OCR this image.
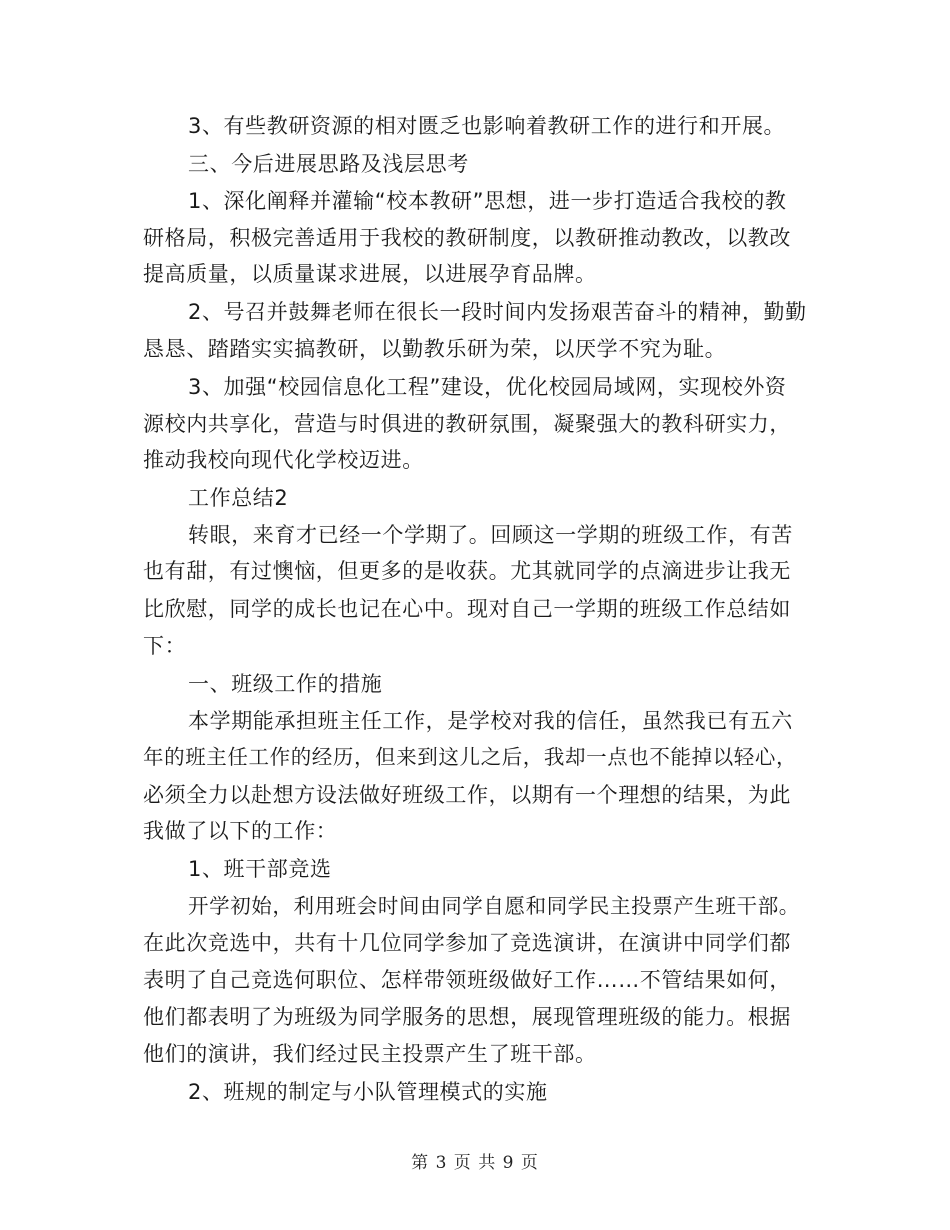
3、有些教研资源的相对匮乏也影响着教研工作的进行和开展。
三、今后进展思路及浅层思考
1、深化阐释并灌输“校本教研”思想，进一步打造适合我校的教
研格局，积极完善适用于我校的教研制度，以教研推动教改，以教改
提高质量，以质量谋求进展，以进展孕育品牌。
2、号召并鼓舞老师在很长一段时间内发扬艰苦奋斗的精神，勤勤
恳恳、踏踏实实搞教研，以勤教乐研为荣，以厌学不究为耻。
3、加强“校园信息化工程”建设，优化校园局域网，实现校外资
源校内共享化，营造与时俱进的教研氛围，凝聚强大的教科研实力，
推动我校向现代化学校迈进。
工作总结2
转眼，来育才已经一个学期了。回顾这一学期的班级工作，有苦
也有甜，有过懊恼，但更多的是收获。尤其就同学的点滴进步让我无
比欣慰，同学的成长也记在心中。现对自己一学期的班级工作总结如
下：
一、班级工作的措施
本学期能承担班主任工作，是学校对我的信任，虽然我已有五六
年的班主任工作的经历，但来到这儿之后，我却一点也不能掉以轻心，
必须全力以赴想方设法做好班级工作，以期有一个理想的结果，为此
我做了以下的工作：
1、班干部竞选
开学初始，利用班会时间由同学自愿和同学民主投票产生班干部。
在此次竞选中，共有十几位同学参加了竞选演讲，在演讲中同学们都
表明了自己竞选何职位、怎样带领班级做好工作……不管结果如何，
他们都表明了为班级为同学服务的思想，展现管理班级的能力。根据
他们的演讲，我们经过民主投票产生了班干部。
2、班规的制定与小队管理模式的实施
第 3 页 共 9 页
